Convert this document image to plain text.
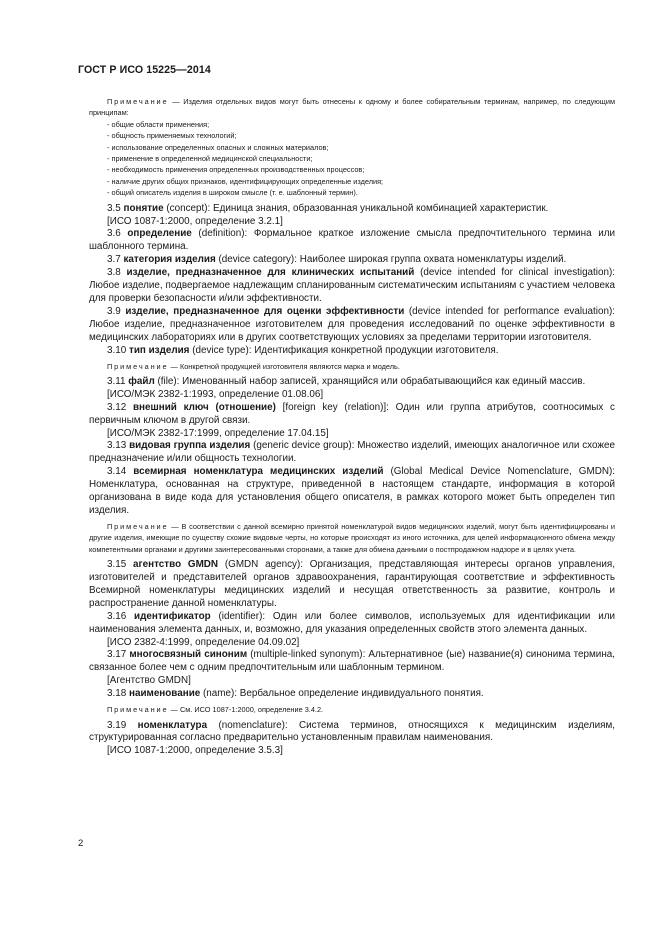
ГОСТ Р ИСО 15225—2014

Примечание — Изделия отдельных видов могут быть отнесены к одному и более собирательным терминам, например, по следующим принципам:

- общие области применения;
- общность применяемых технологий;
- использование определенных опасных и сложных материалов;
- применение в определенной медицинской специальности;
- необходимость применения определенных производственных процессов;
- наличие других общих признаков, идентифицирующих определенные изделия;
- общий описатель изделия в широком смысле (т. е. шаблонный термин).

3.5 понятие (concept): Единица знания, образованная уникальной комбинацией характеристик.

[ИСО 1087-1:2000, определение 3.2.1]

3.6 определение (definition): Формальное краткое изложение смысла предпочтительного термина или шаблонного термина.

3.7 категория изделия (device category): Наиболее широкая группа охвата номенклатуры изделий.

3.8 изделие, предназначенное для клинических испытаний (device intended for clinical investigation): Любое изделие, подвергаемое надлежащим спланированным систематическим испытаниям с участием человека для проверки безопасности и/или эффективности.

3.9 изделие, предназначенное для оценки эффективности (device intended for performance evaluation): Любое изделие, предназначенное изготовителем для проведения исследований по оценке эффективности в медицинских лабораториях или в других соответствующих условиях за пределами территории изготовителя.

3.10 тип изделия (device type): Идентификация конкретной продукции изготовителя.

Примечание — Конкретной продукцией изготовителя являются марка и модель.

3.11 файл (file): Именованный набор записей, хранящийся или обрабатывающийся как единый массив.

[ИСО/МЭК 2382-1:1993, определение 01.08.06]

3.12 внешний ключ (отношение) [foreign key (relation)]: Один или группа атрибутов, соотносимых с первичным ключом в другой связи.

[ИСО/МЭК 2382-17:1999, определение 17.04.15]

3.13 видовая группа изделия (generic device group): Множество изделий, имеющих аналогичное или схожее предназначение и/или общность технологии.

3.14 всемирная номенклатура медицинских изделий (Global Medical Device Nomenclature, GMDN): Номенклатура, основанная на структуре, приведенной в настоящем стандарте, информация в которой организована в виде кода для установления общего описателя, в рамках которого может быть определен тип изделия.

Примечание — В соответствии с данной всемирно принятой номенклатурой видов медицинских изделий, могут быть идентифицированы и другие изделия, имеющие по существу схожие видовые черты, но которые происходят из иного источника, для целей информационного обмена между компетентными органами и другими заинтересованными сторонами, а также для обмена данными о постпродажном надзоре и в целях учета.

3.15 агентство GMDN (GMDN agency): Организация, представляющая интересы органов управления, изготовителей и представителей органов здравоохранения, гарантирующая соответствие и эффективность Всемирной номенклатуры медицинских изделий и несущая ответственность за развитие, контроль и распространение данной номенклатуры.

3.16 идентификатор (identifier): Один или более символов, используемых для идентификации или наименования элемента данных, и, возможно, для указания определенных свойств этого элемента данных.

[ИСО 2382-4:1999, определение 04.09.02]

3.17 многосвязный синоним (multiple-linked synonym): Альтернативное (ые) название(я) синонима термина, связанное более чем с одним предпочтительным или шаблонным термином.

[Агентство GMDN]

3.18 наименование (name): Вербальное определение индивидуального понятия.

Примечание — См. ИСО 1087-1:2000, определение 3.4.2.

3.19 номенклатура (nomenclature): Система терминов, относящихся к медицинским изделиям, структурированная согласно предварительно установленным правилам наименования.

[ИСО 1087-1:2000, определение 3.5.3]

2
